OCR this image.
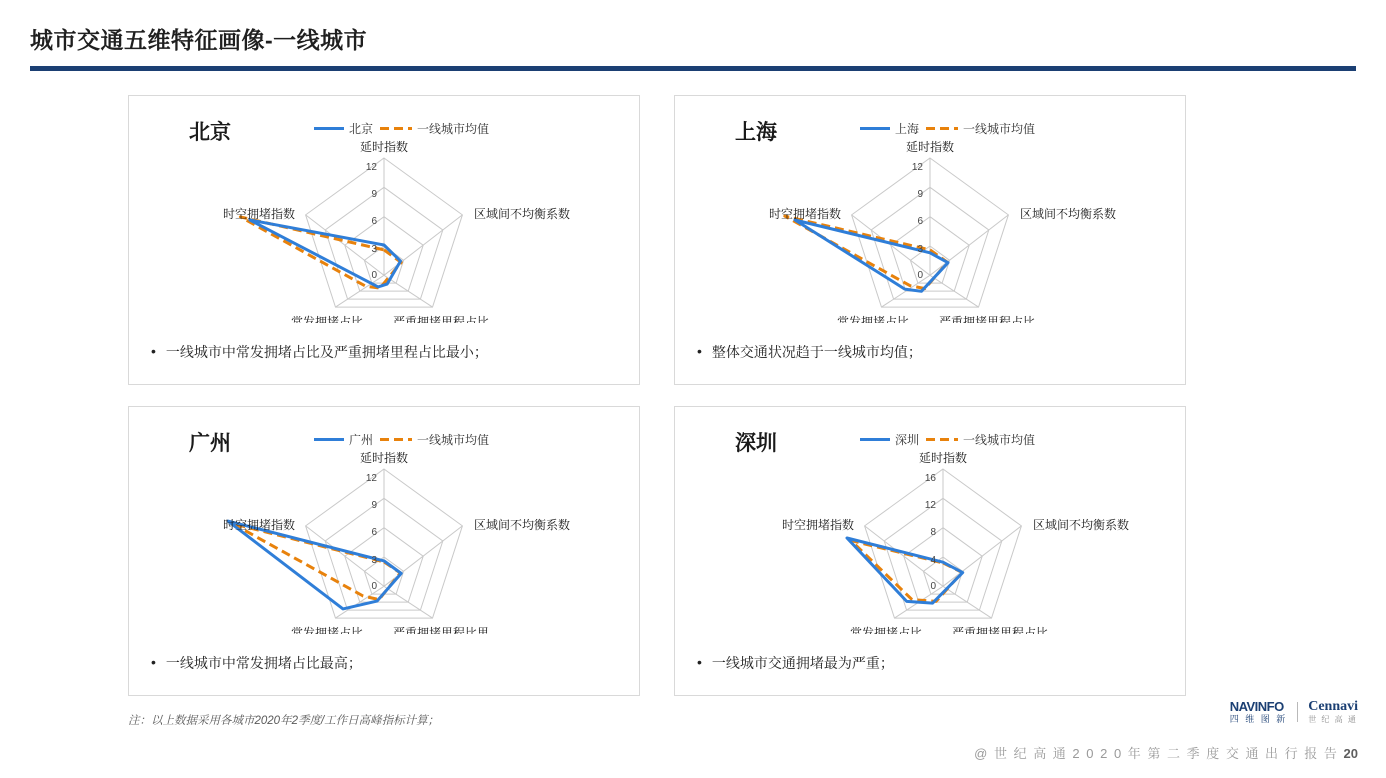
城市交通五维特征画像-一线城市
北京	北京	一线城市均值
12
9
6
3
0
延时指数
区域间不均衡系数
严重拥堵里程占比
常发拥堵占比
时空拥堵指数
• 一线城市中常发拥堵占比及严重拥堵里程占比最小；
上海	上海	一线城市均值
12
9
6
3
0
延时指数
区域间不均衡系数
严重拥堵里程占比
常发拥堵占比
时空拥堵指数
• 整体交通状况趋于一线城市均值；
广州	广州	一线城市均值
12
9
6
3
0
延时指数
区域间不均衡系数
严重拥堵里程比里
常发拥堵占比
时空拥堵指数
• 一线城市中常发拥堵占比最高；
深圳	深圳	一线城市均值
16
12
8
4
0
延时指数
区域间不均衡系数
严重拥堵里程占比
常发拥堵占比
时空拥堵指数
• 一线城市交通拥堵最为严重；
注：以上数据采用各城市2020年2季度/工作日高峰指标计算；
NAVINFO
四 维 图 新
Cennavi
世 纪 高 通
@ 世 纪 高 通 2 0 2 0 年 第 二 季 度 交 通 出 行 报 告 20
